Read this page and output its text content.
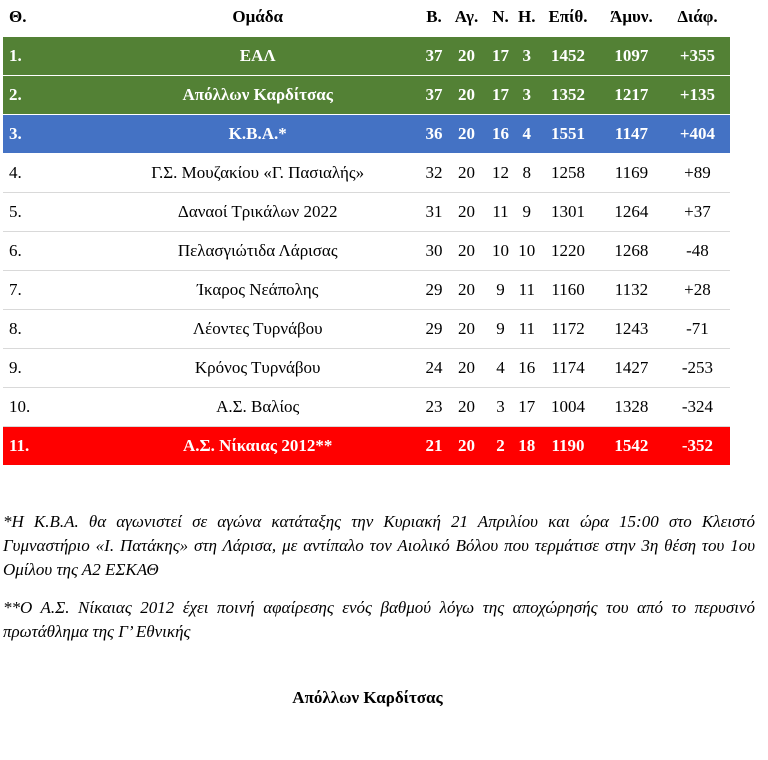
Θ.	Ομάδα	Β.	Αγ.	Ν.	Η.	Επίθ.	Άμυν.	Διάφ.
1.	ΕΑΛ	37	20	17	3	1452	1097	+355
2.	Απόλλων Καρδίτσας	37	20	17	3	1352	1217	+135
3.	Κ.Β.Α.*	36	20	16	4	1551	1147	+404
4.	Γ.Σ. Μουζακίου «Γ. Πασιαλής»	32	20	12	8	1258	1169	+89
5.	Δαναοί Τρικάλων 2022	31	20	11	9	1301	1264	+37
6.	Πελασγιώτιδα Λάρισας	30	20	10	10	1220	1268	-48
7.	Ίκαρος Νεάπολης	29	20	9	11	1160	1132	+28
8.	Λέοντες Τυρνάβου	29	20	9	11	1172	1243	-71
9.	Κρόνος Τυρνάβου	24	20	4	16	1174	1427	-253
10.	Α.Σ. Βαλίος	23	20	3	17	1004	1328	-324
11.	Α.Σ. Νίκαιας 2012**	21	20	2	18	1190	1542	-352

*Η Κ.Β.Α. θα αγωνιστεί σε αγώνα κατάταξης την Κυριακή 21 Απριλίου και ώρα 15:00 στο Κλειστό Γυμναστήριο «Ι. Πατάκης» στη Λάρισα, με αντίπαλο τον Αιολικό Βόλου που τερμάτισε στην 3η θέση του 1ου Ομίλου της Α2 ΕΣΚΑΘ

**Ο Α.Σ. Νίκαιας 2012 έχει ποινή αφαίρεσης ενός βαθμού λόγω της αποχώρησής του από το περυσινό πρωτάθλημα της Γ’ Εθνικής

Απόλλων Καρδίτσας
